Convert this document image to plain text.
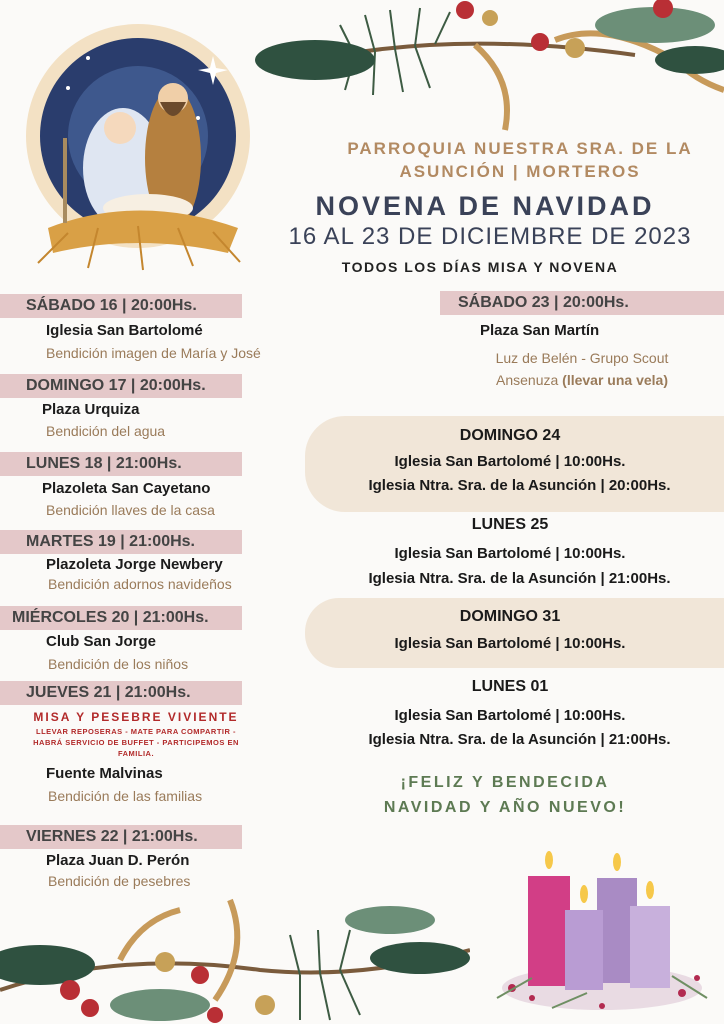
PARROQUIA NUESTRA SRA. DE LA
ASUNCIÓN | MORTEROS
NOVENA DE NAVIDAD
16 AL 23 DE DICIEMBRE DE 2023
TODOS LOS DÍAS MISA Y NOVENA
SÁBADO 16 | 20:00Hs.
Iglesia San Bartolomé
Bendición imagen de María y José
DOMINGO 17 | 20:00Hs.
Plaza Urquiza
Bendición del agua
LUNES 18 | 21:00Hs.
Plazoleta San Cayetano
Bendición llaves de la casa
MARTES 19 | 21:00Hs.
Plazoleta Jorge Newbery
Bendición adornos navideños
MIÉRCOLES 20 | 21:00Hs.
Club San Jorge
Bendición de los niños
JUEVES 21 | 21:00Hs.
MISA Y PESEBRE VIVIENTE
LLEVAR REPOSERAS - MATE PARA COMPARTIR -
HABRÁ SERVICIO DE BUFFET - PARTICIPEMOS EN
FAMILIA.
Fuente Malvinas
Bendición de las familias
VIERNES 22 | 21:00Hs.
Plaza Juan D. Perón
Bendición de pesebres
SÁBADO 23 | 20:00Hs.
Plaza San Martín
Luz de Belén - Grupo Scout
Ansenuza (llevar una vela)
DOMINGO 24
Iglesia San Bartolomé | 10:00Hs.
Iglesia Ntra. Sra. de la Asunción | 20:00Hs.
LUNES 25
Iglesia San Bartolomé | 10:00Hs.
Iglesia Ntra. Sra. de la Asunción | 21:00Hs.
DOMINGO 31
Iglesia San Bartolomé | 10:00Hs.
LUNES 01
Iglesia San Bartolomé | 10:00Hs.
Iglesia Ntra. Sra. de la Asunción | 21:00Hs.
¡FELIZ Y BENDECIDA
NAVIDAD Y AÑO NUEVO!
